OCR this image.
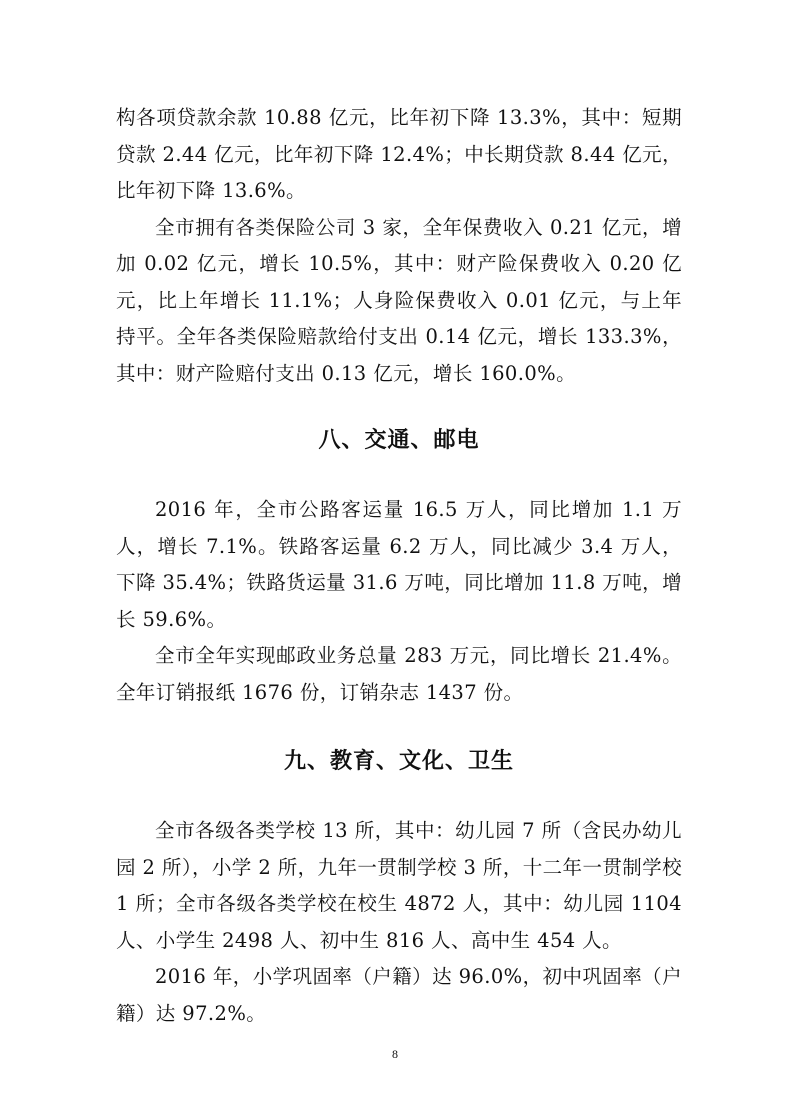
构各项贷款余款 10.88 亿元，比年初下降 13.3%，其中：短期贷款 2.44 亿元，比年初下降 12.4%；中长期贷款 8.44 亿元，比年初下降 13.6%。

全市拥有各类保险公司 3 家，全年保费收入 0.21 亿元，增加 0.02 亿元，增长 10.5%，其中：财产险保费收入 0.20 亿元，比上年增长 11.1%；人身险保费收入 0.01 亿元，与上年持平。全年各类保险赔款给付支出 0.14 亿元，增长 133.3%，其中：财产险赔付支出 0.13 亿元，增长 160.0%。

八、交通、邮电

2016 年，全市公路客运量 16.5 万人，同比增加 1.1 万人，增长 7.1%。铁路客运量 6.2 万人，同比减少 3.4 万人，下降 35.4%；铁路货运量 31.6 万吨，同比增加 11.8 万吨，增长 59.6%。

全市全年实现邮政业务总量 283 万元，同比增长 21.4%。全年订销报纸 1676 份，订销杂志 1437 份。

九、教育、文化、卫生

全市各级各类学校 13 所，其中：幼儿园 7 所（含民办幼儿园 2 所），小学 2 所，九年一贯制学校 3 所，十二年一贯制学校 1 所；全市各级各类学校在校生 4872 人，其中：幼儿园 1104 人、小学生 2498 人、初中生 816 人、高中生 454 人。

2016 年，小学巩固率（户籍）达 96.0%，初中巩固率（户籍）达 97.2%。

8
